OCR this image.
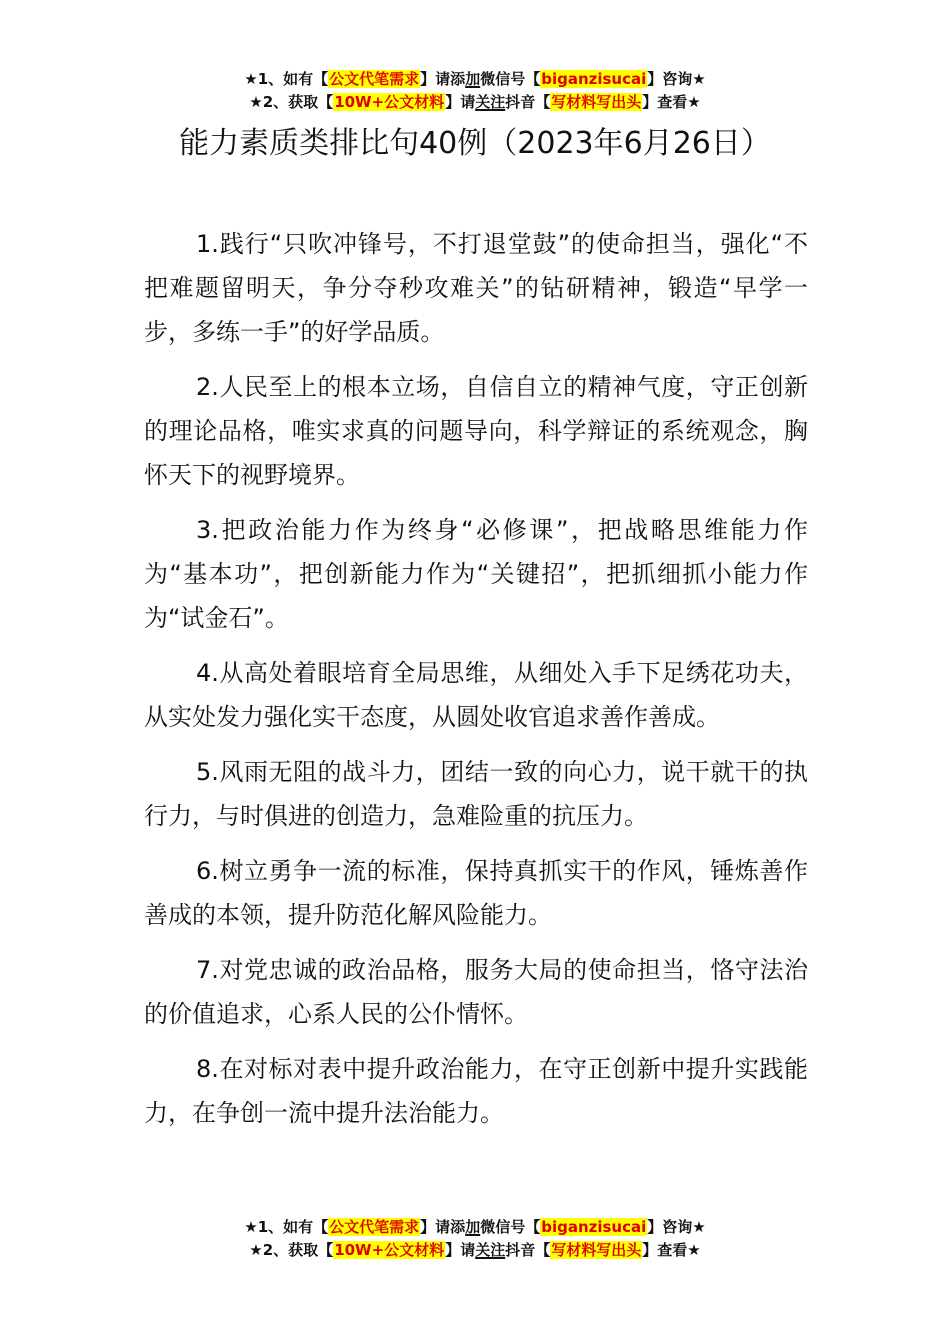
★1、如有【公文代笔需求】请添加微信号【biganzisucai】咨询★
★2、获取【10W+公文材料】请关注抖音【写材料写出头】查看★
能力素质类排比句40例（2023年6月26日）

1.践行“只吹冲锋号，不打退堂鼓”的使命担当，强化“不把难题留明天，争分夺秒攻难关”的钻研精神，锻造“早学一步，多练一手”的好学品质。

2.人民至上的根本立场，自信自立的精神气度，守正创新的理论品格，唯实求真的问题导向，科学辩证的系统观念，胸怀天下的视野境界。

3.把政治能力作为终身“必修课”，把战略思维能力作为“基本功”，把创新能力作为“关键招”，把抓细抓小能力作为“试金石”。

4.从高处着眼培育全局思维，从细处入手下足绣花功夫，从实处发力强化实干态度，从圆处收官追求善作善成。

5.风雨无阻的战斗力，团结一致的向心力，说干就干的执行力，与时俱进的创造力，急难险重的抗压力。

6.树立勇争一流的标准，保持真抓实干的作风，锤炼善作善成的本领，提升防范化解风险能力。

7.对党忠诚的政治品格，服务大局的使命担当，恪守法治的价值追求，心系人民的公仆情怀。

8.在对标对表中提升政治能力，在守正创新中提升实践能力，在争创一流中提升法治能力。

★1、如有【公文代笔需求】请添加微信号【biganzisucai】咨询★
★2、获取【10W+公文材料】请关注抖音【写材料写出头】查看★
